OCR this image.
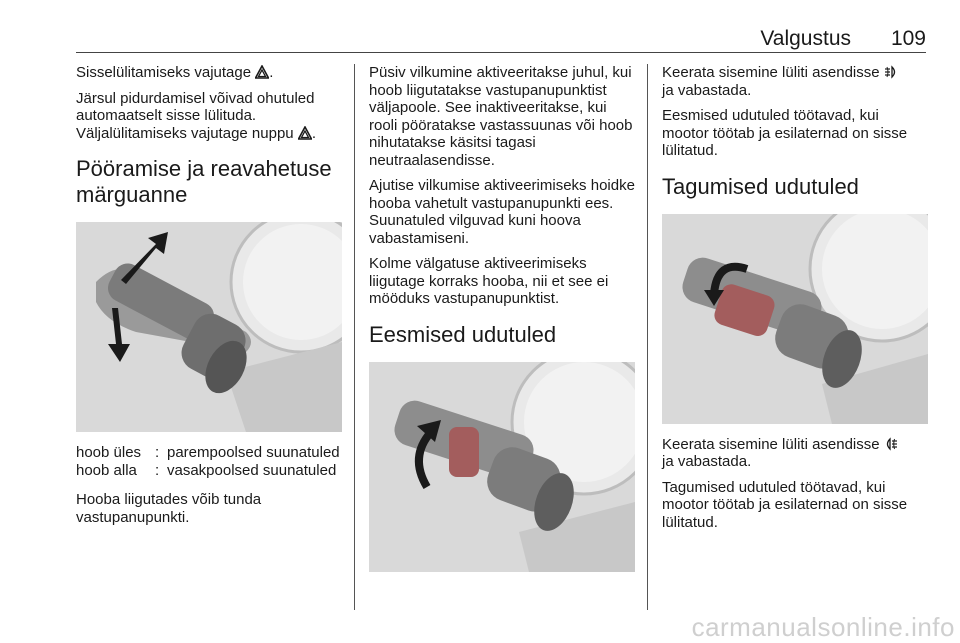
Valgustus 109

Sisselülitamiseks vajutage .

Järsul pidurdamisel võivad ohutuled automaatselt sisse lülituda.

Väljalülitamiseks vajutage nuppu .

Pööramise ja reavahetuse märguanne
hoob üles : parempoolsed suunatuled
hoob alla	: vasakpoolsed suunatuled

Hooba liigutades võib tunda vastupanupunkti.

Püsiv vilkumine aktiveeritakse juhul, kui hoob liigutatakse vastupanupunktist väljapoole. See inaktiveeritakse, kui rooli pööratakse vastassuunas või hoob nihutatakse käsitsi tagasi neutraalasendisse.

Ajutise vilkumise aktiveerimiseks hoidke hooba vahetult vastupanupunkti ees. Suunatuled vilguvad kuni hoova vabastamiseni.

Kolme välgatuse aktiveerimiseks liigutage korraks hooba, nii et see ei mööduks vastupanupunktist.

Eesmised udutuled

Keerata sisemine lüliti asendisse
ja vabastada.

Eesmised udutuled töötavad, kui mootor töötab ja esilaternad on sisse lülitatud.

Tagumised udutuled

Keerata sisemine lüliti asendisse
ja vabastada.

Tagumised udutuled töötavad, kui mootor töötab ja esilaternad on sisse lülitatud.

carmanualsonline.info
